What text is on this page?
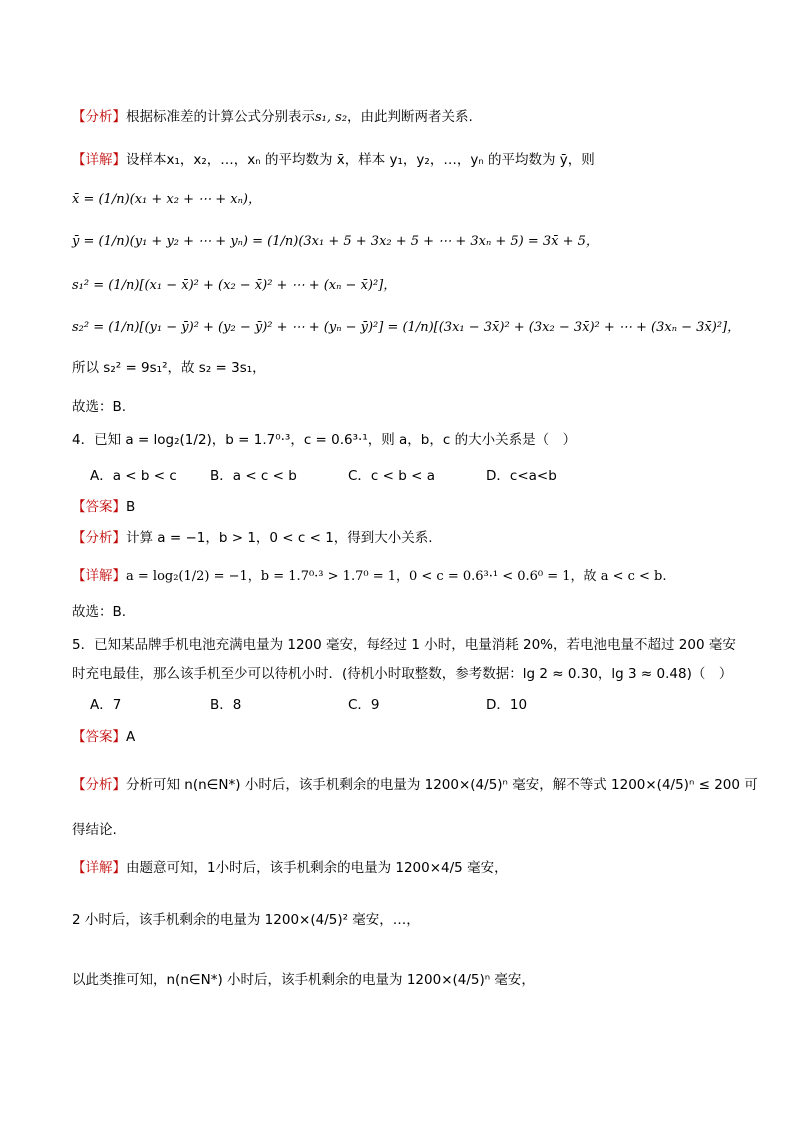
【分析】根据标准差的计算公式分别表示s₁, s₂，由此判断两者关系.
【详解】设样本x₁，x₂，…，xₙ 的平均数为 x̄，样本 y₁，y₂，…，yₙ 的平均数为 ȳ，则
x̄ = (1/n)(x₁ + x₂ + ⋯ + xₙ)，
ȳ = (1/n)(y₁ + y₂ + ⋯ + yₙ) = (1/n)(3x₁ + 5 + 3x₂ + 5 + ⋯ + 3xₙ + 5) = 3x̄ + 5，
s₁² = (1/n)[(x₁ − x̄)² + (x₂ − x̄)² + ⋯ + (xₙ − x̄)²]，
s₂² = (1/n)[(y₁ − ȳ)² + (y₂ − ȳ)² + ⋯ + (yₙ − ȳ)²] = (1/n)[(3x₁ − 3x̄)² + (3x₂ − 3x̄)² + ⋯ + (3xₙ − 3x̄)²]，
所以 s₂² = 9s₁²，故 s₂ = 3s₁，
故选：B.
4．已知 a = log₂(1/2)，b = 1.7⁰·³，c = 0.6³·¹，则 a，b，c 的大小关系是（　）
A．a < b < c B．a < c < b	C．c < b < a	D．c<a<b
【答案】B
【分析】计算 a = −1，b > 1，0 < c < 1，得到大小关系.
【详解】a = log₂(1/2) = −1，b = 1.7⁰·³ > 1.7⁰ = 1，0 < c = 0.6³·¹ < 0.6⁰ = 1，故 a < c < b.
故选：B.
5．已知某品牌手机电池充满电量为 1200 毫安，每经过 1 小时，电量消耗 20%，若电池电量不超过 200 毫安
时充电最佳，那么该手机至少可以待机小时．(待机小时取整数，参考数据：lg 2 ≈ 0.30，lg 3 ≈ 0.48)（　）
A．7	B．8	C．9	D．10
【答案】A
【分析】分析可知 n(n∈N*) 小时后，该手机剩余的电量为 1200×(4/5)ⁿ 毫安，解不等式 1200×(4/5)ⁿ ≤ 200 可
得结论.
【详解】由题意可知，1小时后，该手机剩余的电量为 1200×4/5 毫安，
2 小时后，该手机剩余的电量为 1200×(4/5)² 毫安，…，
以此类推可知，n(n∈N*) 小时后，该手机剩余的电量为 1200×(4/5)ⁿ 毫安，
